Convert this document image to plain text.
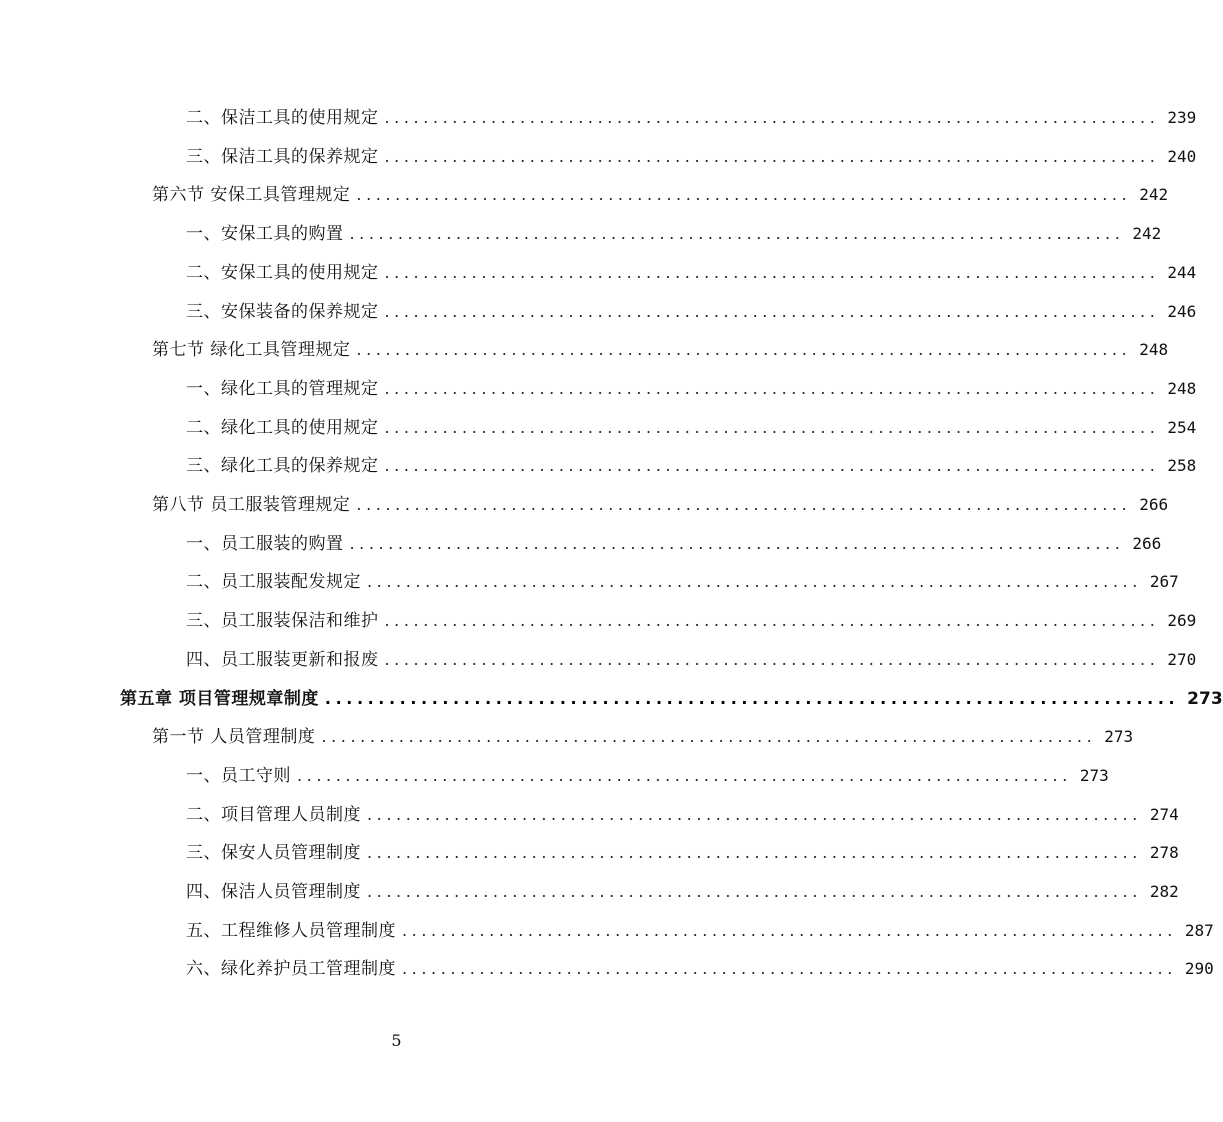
二、保洁工具的使用规定 ................................................................................ 239
三、保洁工具的保养规定 ................................................................................ 240
第六节 安保工具管理规定 ................................................................................ 242
一、安保工具的购置 ................................................................................ 242
二、安保工具的使用规定 ................................................................................ 244
三、安保装备的保养规定 ................................................................................ 246
第七节 绿化工具管理规定 ................................................................................ 248
一、绿化工具的管理规定 ................................................................................ 248
二、绿化工具的使用规定 ................................................................................ 254
三、绿化工具的保养规定 ................................................................................ 258
第八节 员工服装管理规定 ................................................................................ 266
一、员工服装的购置 ................................................................................ 266
二、员工服装配发规定 ................................................................................ 267
三、员工服装保洁和维护 ................................................................................ 269
四、员工服装更新和报废 ................................................................................ 270
第五章 项目管理规章制度 ................................................................................ 273
第一节 人员管理制度 ................................................................................ 273
一、员工守则 ................................................................................ 273
二、项目管理人员制度 ................................................................................ 274
三、保安人员管理制度 ................................................................................ 278
四、保洁人员管理制度 ................................................................................ 282
五、工程维修人员管理制度 ................................................................................ 287
六、绿化养护员工管理制度 ................................................................................ 290
5
